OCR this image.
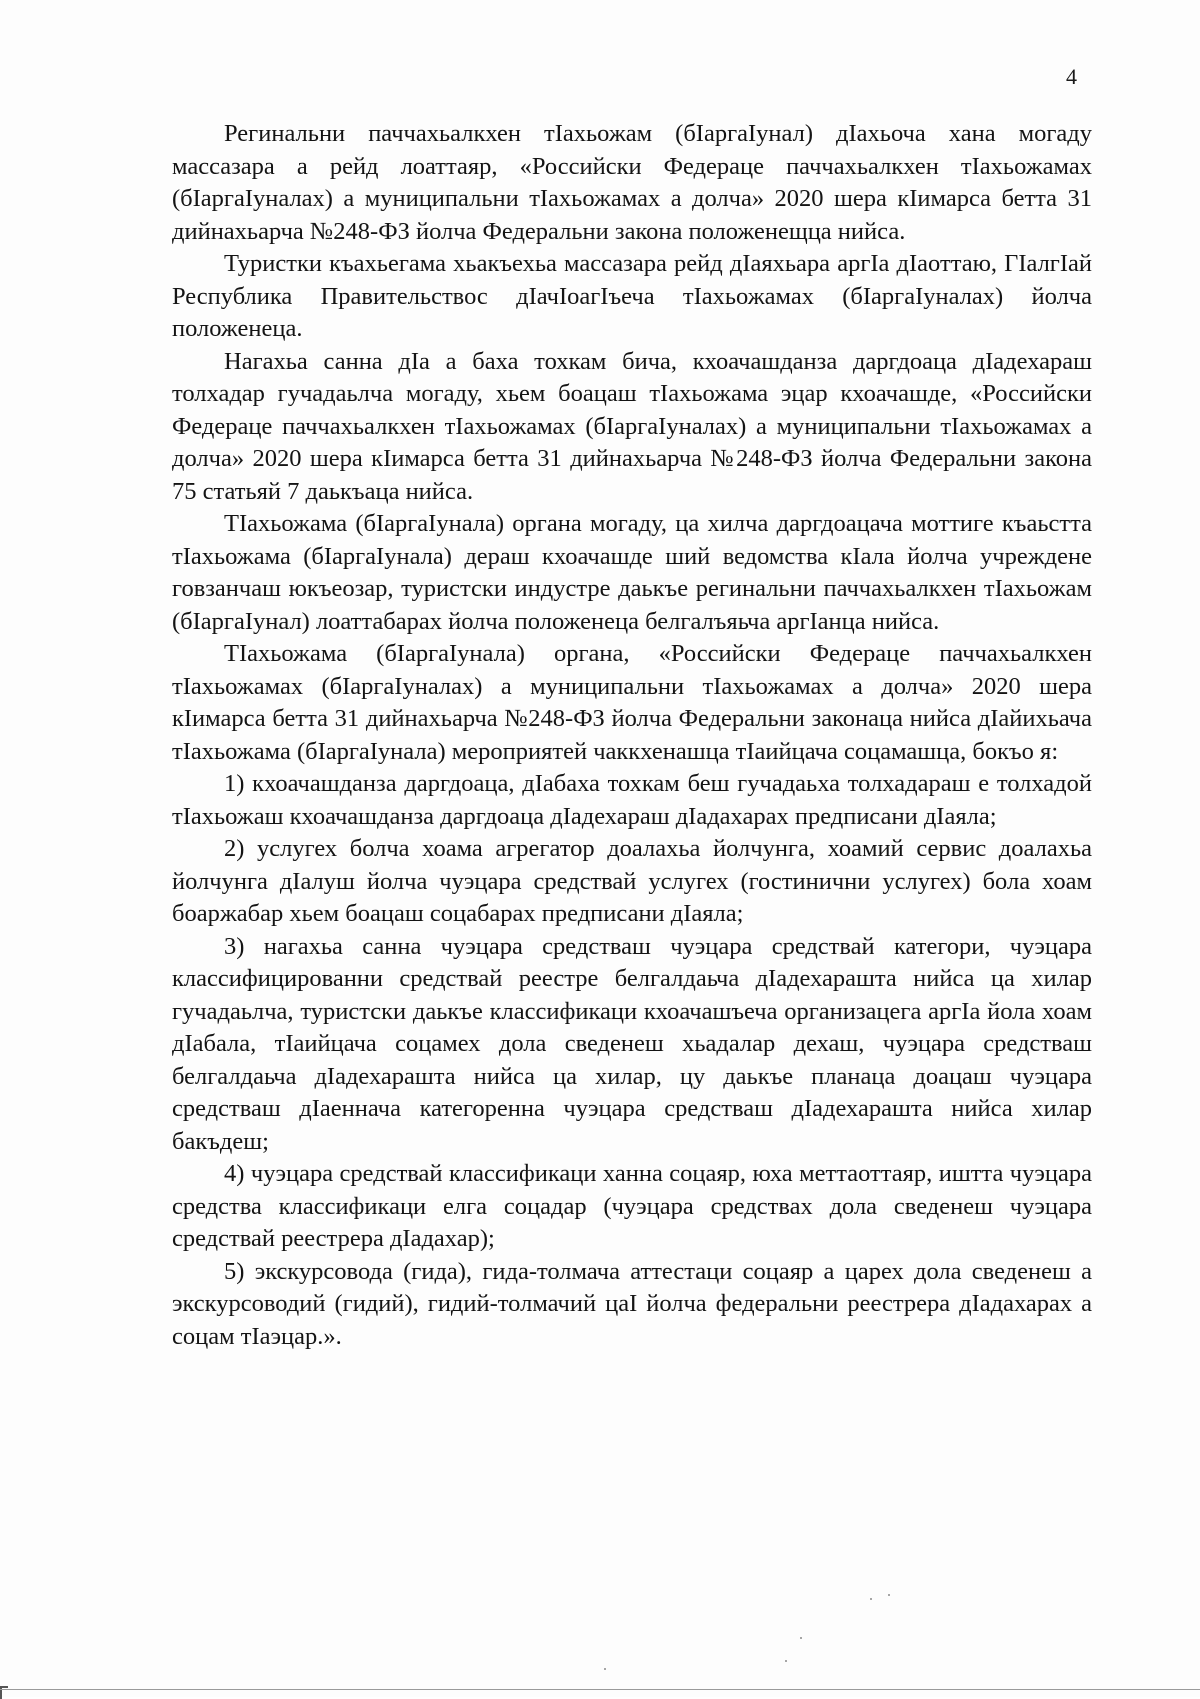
4

Регинальни паччахьалкхен тIахьожам (бIаргаIунал) дIахьоча хана могаду массазара а рейд лоаттаяр, «Российски Федераце паччахьалкхен тIахьожамах (бIаргаIуналах) а муниципальни тIахьожамах а долча» 2020 шера кIимарса бетта 31 дийнахьарча №248-ФЗ йолча Федеральни закона положенещца нийса.

Туристки къахьегама хьакъехьа массазара рейд дIаяхьара аргIа дIаоттаю, ГIалгIай Республика Правительствос дIачIоагIъеча тIахьожамах (бIаргаIуналах) йолча положенеца.

Нагахьа санна дIа а баха тохкам бича, кхоачашданза даргдоаца дIадехараш толхадар гучадаьлча могаду, хьем боацаш тIахьожама эцар кхоачашде, «Российски Федераце паччахьалкхен тIахьожамах (бIаргаIуналах) а муниципальни тIахьожамах а долча» 2020 шера кIимарса бетта 31 дийнахьарча №248-ФЗ йолча Федеральни закона 75 статьяй 7 даькъаца нийса.

ТIахьожама (бIаргаIунала) органа могаду, ца хилча даргдоацача моттиге къаьстта тIахьожама (бIаргаIунала) дераш кхоачашде ший ведомства кIала йолча учреждене говзанчаш юкъеозар, туристски индустре даькъе регинальни паччахьалкхен тIахьожам (бIаргаIунал) лоаттабарах йолча положенеца белгалъяьча аргIанца нийса.

ТIахьожама (бIаргаIунала) органа, «Российски Федераце паччахьалкхен тIахьожамах (бIаргаIуналах) а муниципальни тIахьожамах а долча» 2020 шера кIимарса бетта 31 дийнахьарча №248-ФЗ йолча Федеральни законаца нийса дIайихьача тIахьожама (бIаргаIунала) мероприятей чаккхенашца тIаийцача соцамашца, бокъо я:

1) кхоачашданза даргдоаца, дIабаха тохкам беш гучадаьха толхадараш е толхадой тIахьожаш кхоачашданза даргдоаца дIадехараш дIадахарах предписани дIаяла;

2) услугех болча хоама агрегатор доалахьа йолчунга, хоамий сервис доалахьа йолчунга дIалуш йолча чуэцара средствай услугех (гостинични услугех) бола хоам боаржабар хьем боацаш соцабарах предписани дIаяла;

3) нагахьа санна чуэцара средстваш чуэцара средствай категори, чуэцара классифицированни средствай реестре белгалдаьча дIадехарашта нийса ца хилар гучадаьлча, туристски даькъе классификаци кхоачашъеча организацега аргIа йола хоам дIабала, тIаийцача соцамех дола сведенеш хьадалар дехаш, чуэцара средстваш белгалдаьча дIадехарашта нийса ца хилар, цу даькъе планаца доацаш чуэцара средстваш дIаеннача категоренна чуэцара средстваш дIадехарашта нийса хилар бакъдеш;

4) чуэцара средствай классификаци ханна соцаяр, юха меттаоттаяр, иштта чуэцара средства классификаци елга соцадар (чуэцара средствах дола сведенеш чуэцара средствай реестрера дIадахар);

5) экскурсовода (гида), гида-толмача аттестаци соцаяр а царех дола сведенеш а экскурсоводий (гидий), гидий-толмачий цаI йолча федеральни реестрера дIадахарах а соцам тIаэцар.».
